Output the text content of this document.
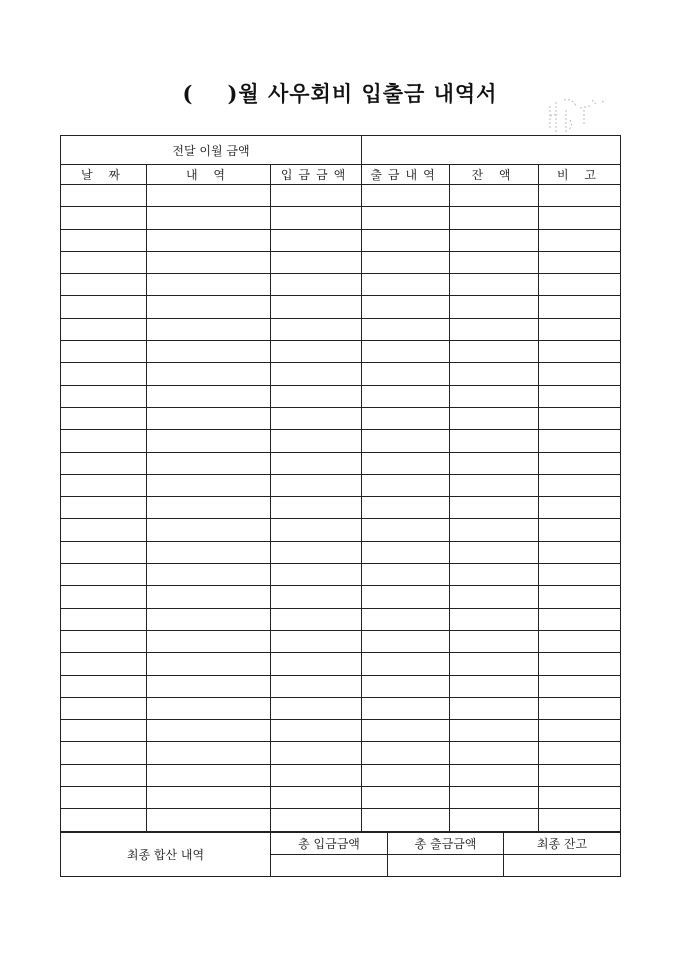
( )월 사우회비 입출금 내역서
전달 이월 금액					
날 짜	내 역	입금금액	출금내역	잔 액	비 고

최종 합산 내역	총 입금금액	총 출금금액	최종 잔고
